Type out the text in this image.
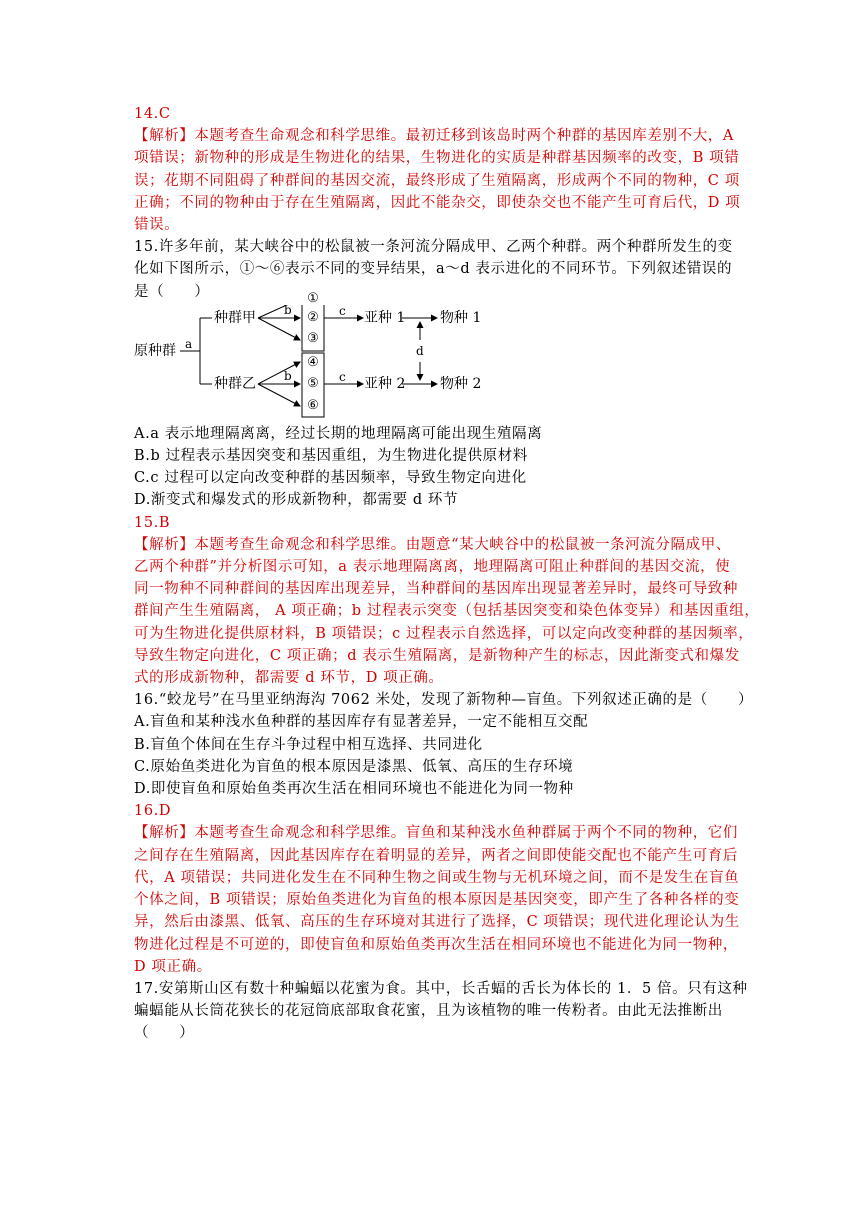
14.C
【解析】本题考查生命观念和科学思维。最初迁移到该岛时两个种群的基因库差别不大，A
项错误；新物种的形成是生物进化的结果，生物进化的实质是种群基因频率的改变，B 项错
误；花期不同阻碍了种群间的基因交流，最终形成了生殖隔离，形成两个不同的物种，C 项
正确；不同的物种由于存在生殖隔离，因此不能杂交，即使杂交也不能产生可育后代，D 项
错误。
15.许多年前，某大峡谷中的松鼠被一条河流分隔成甲、乙两个种群。两个种群所发生的变
化如下图所示，①～⑥表示不同的变异结果，a～d 表示进化的不同环节。下列叙述错误的
是（　　）
原种群 a
种群甲
种群乙
b
b
①
②
③
④
⑤
⑥
c
c
亚种 1
亚种 2
d
物种 1
物种 2
A.a 表示地理隔离离，经过长期的地理隔离可能出现生殖隔离
B.b 过程表示基因突变和基因重组，为生物进化提供原材料
C.c 过程可以定向改变种群的基因频率，导致生物定向进化
D.渐变式和爆发式的形成新物种，都需要 d 环节
15.B
【解析】本题考查生命观念和科学思维。由题意“某大峡谷中的松鼠被一条河流分隔成甲、
乙两个种群”并分析图示可知，a 表示地理隔离离，地理隔离可阻止种群间的基因交流，使
同一物种不同种群间的基因库出现差异，当种群间的基因库出现显著差异时，最终可导致种
群间产生生殖隔离， A 项正确；b 过程表示突变（包括基因突变和染色体变异）和基因重组，
可为生物进化提供原材料，B 项错误；c 过程表示自然选择，可以定向改变种群的基因频率，
导致生物定向进化，C 项正确；d 表示生殖隔离，是新物种产生的标志，因此渐变式和爆发
式的形成新物种，都需要 d 环节，D 项正确。
16.“蛟龙号”在马里亚纳海沟 7062 米处，发现了新物种—盲鱼。下列叙述正确的是（　　）
A.盲鱼和某种浅水鱼种群的基因库存有显著差异，一定不能相互交配
B.盲鱼个体间在生存斗争过程中相互选择、共同进化
C.原始鱼类进化为盲鱼的根本原因是漆黑、低氧、高压的生存环境
D.即使盲鱼和原始鱼类再次生活在相同环境也不能进化为同一物种
16.D
【解析】本题考查生命观念和科学思维。盲鱼和某种浅水鱼种群属于两个不同的物种，它们
之间存在生殖隔离，因此基因库存在着明显的差异，两者之间即使能交配也不能产生可育后
代，A 项错误；共同进化发生在不同种生物之间或生物与无机环境之间，而不是发生在盲鱼
个体之间，B 项错误；原始鱼类进化为盲鱼的根本原因是基因突变，即产生了各种各样的变
异，然后由漆黑、低氧、高压的生存环境对其进行了选择，C 项错误；现代进化理论认为生
物进化过程是不可逆的，即使盲鱼和原始鱼类再次生活在相同环境也不能进化为同一物种，
D 项正确。
17.安第斯山区有数十种蝙蝠以花蜜为食。其中，长舌蝠的舌长为体长的 1．5 倍。只有这种
蝙蝠能从长筒花狭长的花冠筒底部取食花蜜，且为该植物的唯一传粉者。由此无法推断出
（　　）
